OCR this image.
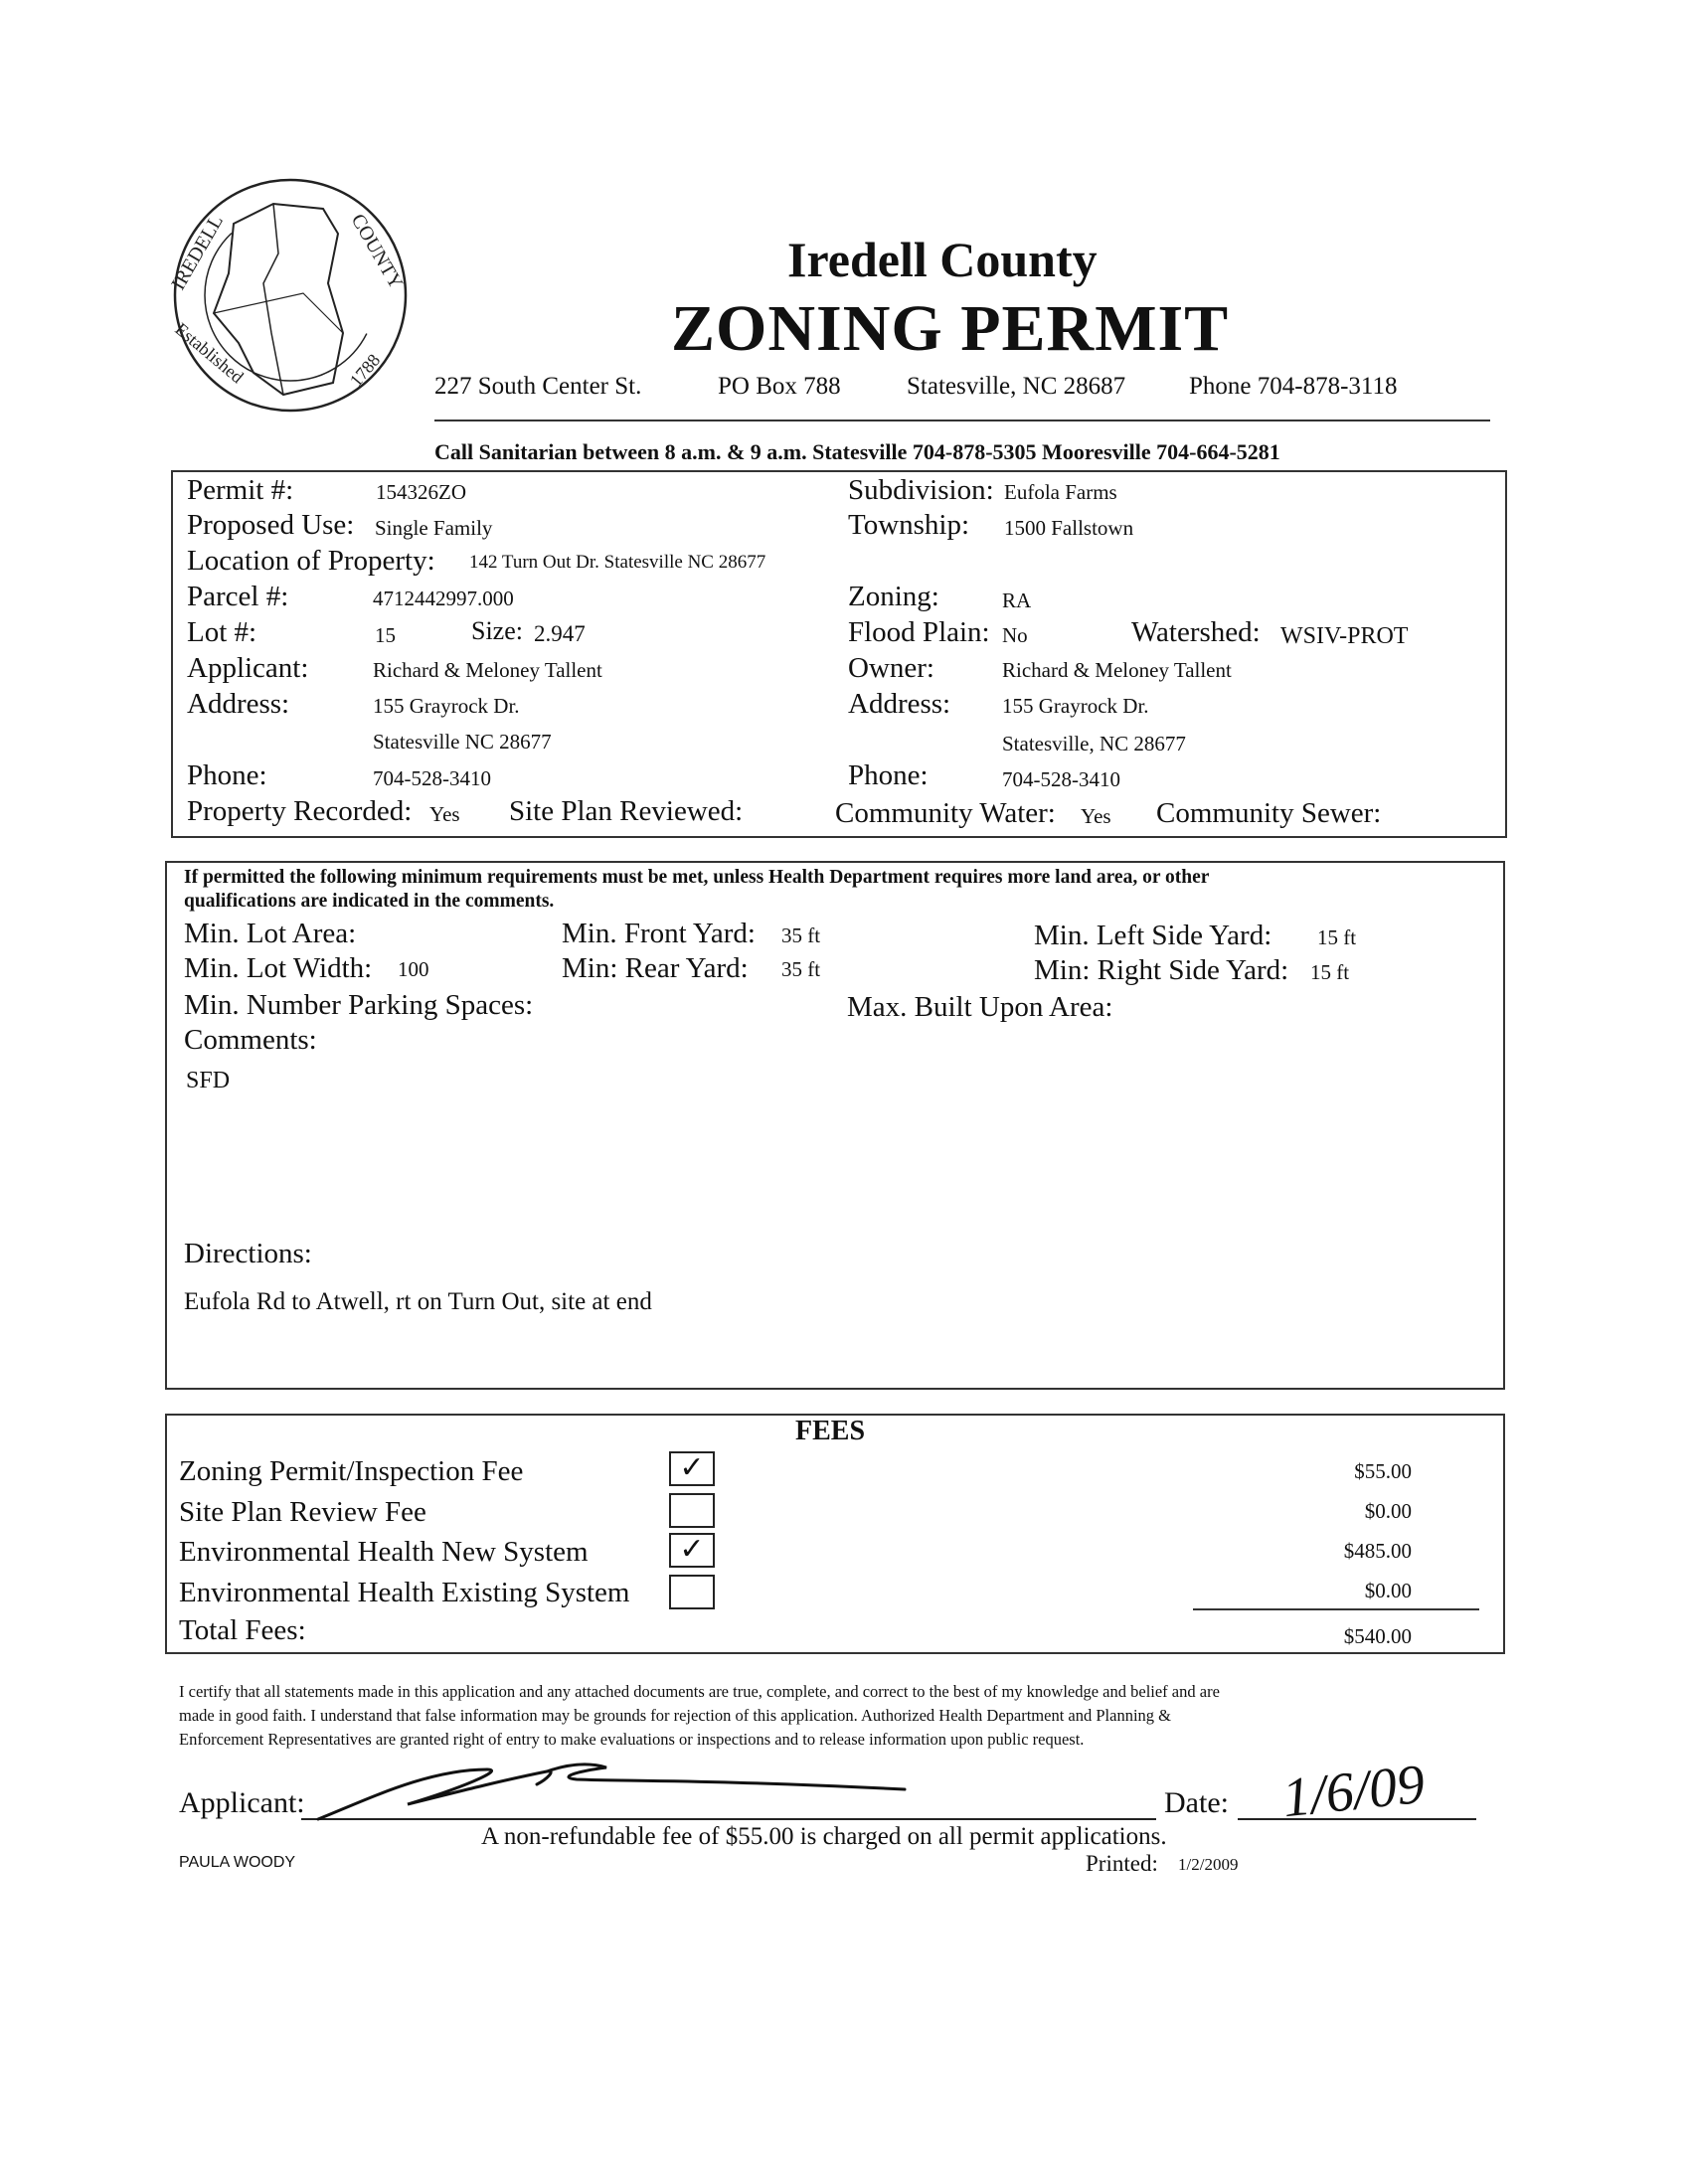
IREDELL	COUNTY
Established	1788
Iredell County
ZONING PERMIT
227 South Center St.	PO Box 788	Statesville, NC 28687	Phone 704-878-3118
Call Sanitarian between 8 a.m. & 9 a.m. Statesville 704-878-5305 Mooresville 704-664-5281
Permit #:	154326ZO	Subdivision: Eufola Farms
Proposed Use: Single Family	Township: 1500 Fallstown
Location of Property: 142 Turn Out Dr. Statesville NC 28677
Parcel #:	4712442997.000	Zoning:	RA
Lot #:	15	Size: 2.947	Flood Plain: No	Watershed: WSIV-PROT
Applicant:	Richard & Meloney Tallent	Owner:	Richard & Meloney Tallent
Address:	155 Grayrock Dr.
Statesville NC 28677
Address: 155 Grayrock Dr.
Statesville, NC 28677
Phone:	704-528-3410	Phone:	704-528-3410
Property Recorded: Yes Site Plan Reviewed:	Community Water: Yes Community Sewer:
If permitted the following minimum requirements must be met, unless Health Department requires more land area, or other
qualifications are indicated in the comments.
Min. Lot Area:	Min. Front Yard: 35 ft	Min. Left Side Yard: 15 ft
Min. Lot Width: 100	Min: Rear Yard: 35 ft	Min: Right Side Yard: 15 ft
Min. Number Parking Spaces:	Max. Built Upon Area:
Comments:
SFD
Directions:
Eufola Rd to Atwell, rt on Turn Out, site at end
FEES
Zoning Permit/Inspection Fee	✓	$55.00
Site Plan Review Fee	$0.00
Environmental Health New System	✓	$485.00
Environmental Health Existing System	$0.00
Total Fees:	$540.00
I certify that all statements made in this application and any attached documents are true, complete, and correct to the best of my knowledge and belief and are
made in good faith. I understand that false information may be grounds for rejection of this application. Authorized Health Department and Planning &
Enforcement Representatives are granted right of entry to make evaluations or inspections and to release information upon public request.
Applicant:	Date: 1/6/09
A non-refundable fee of $55.00 is charged on all permit applications.
PAULA WOODY	Printed: 1/2/2009
